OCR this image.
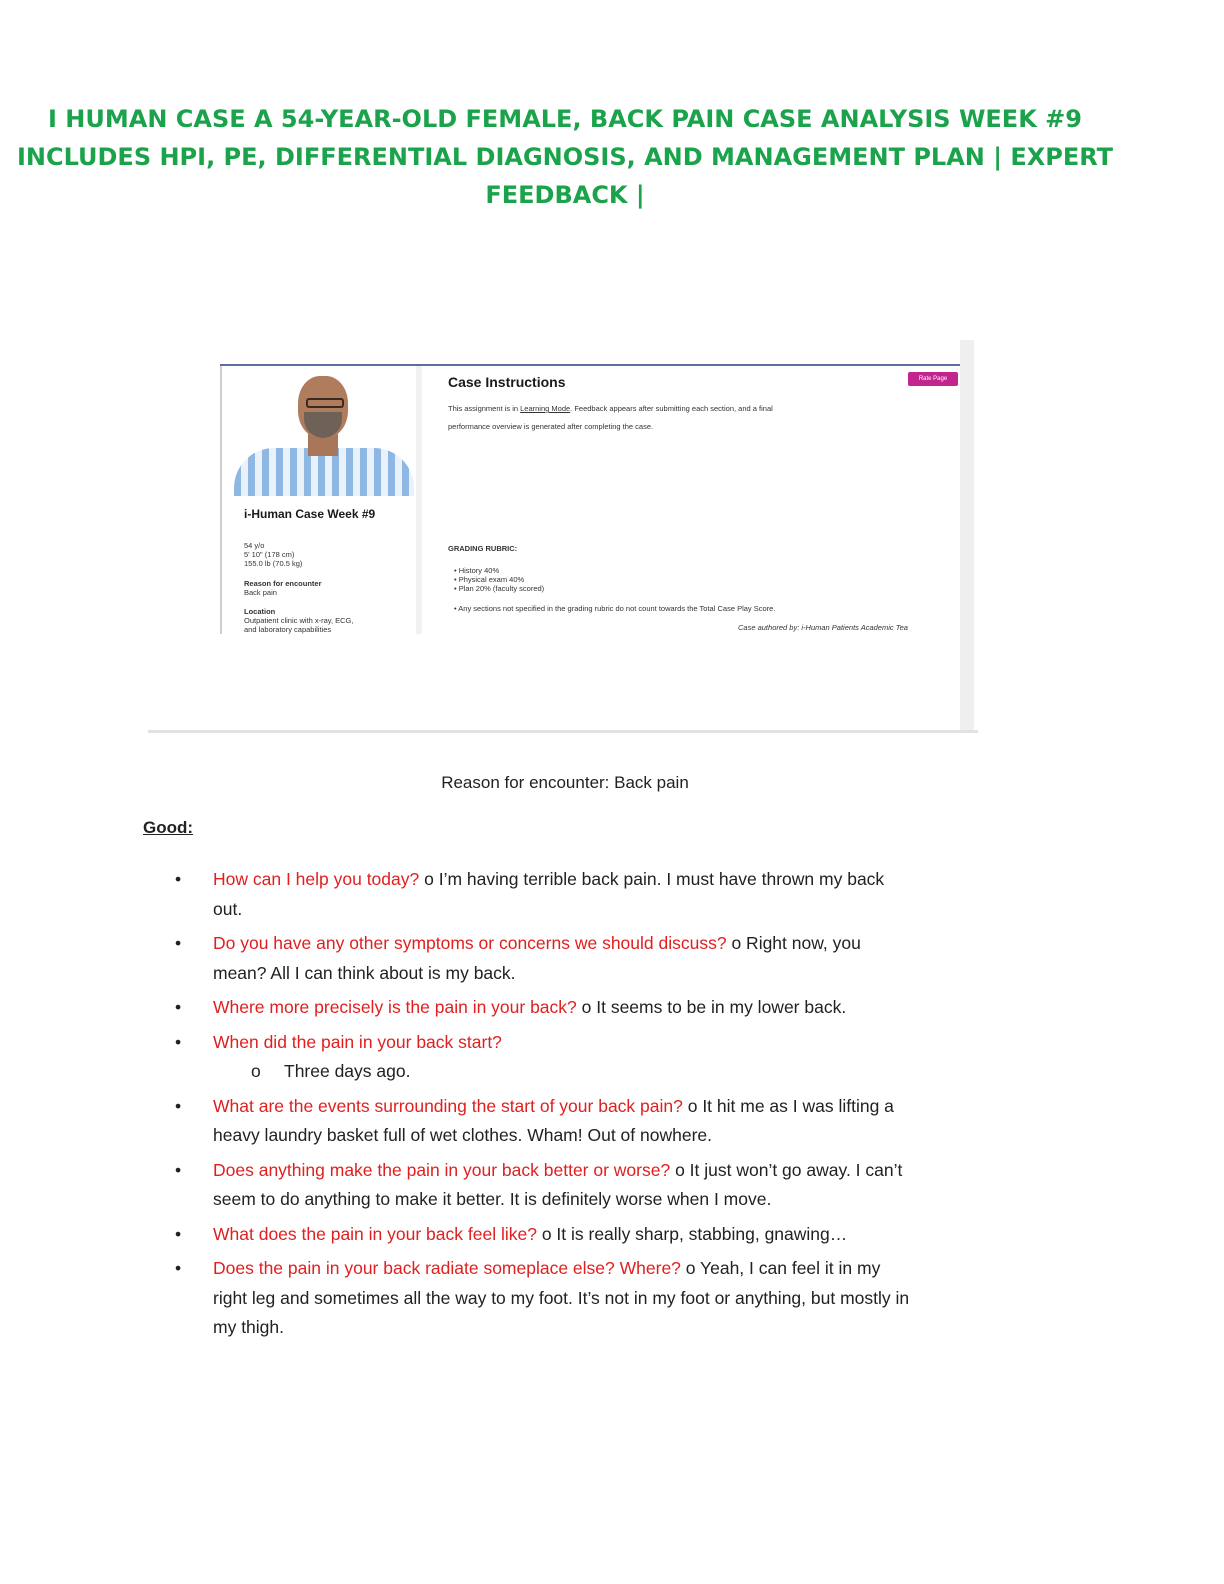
I HUMAN CASE A 54-YEAR-OLD FEMALE, BACK PAIN CASE ANALYSIS WEEK #9
INCLUDES HPI, PE, DIFFERENTIAL DIAGNOSIS, AND MANAGEMENT PLAN | EXPERT
FEEDBACK |
i-Human Case Week #9
54 y/o
5' 10" (178 cm)
155.0 lb (70.5 kg)
Reason for encounter
Back pain
Location
Outpatient clinic with x-ray, ECG,
and laboratory capabilities
Case Instructions	Rate Page
This assignment is in Learning Mode. Feedback appears after submitting each section, and a final
performance overview is generated after completing the case.
GRADING RUBRIC:
• History 40%
• Physical exam 40%
• Plan 20% (faculty scored)
• Any sections not specified in the grading rubric do not count towards the Total Case Play Score.
Case authored by: i-Human Patients Academic Tea
Reason for encounter: Back pain
Good:
• How can I help you today? o I’m having terrible back pain. I must have thrown my back out.
• Do you have any other symptoms or concerns we should discuss? o Right now, you mean? All I can think about is my back.
• Where more precisely is the pain in your back? o It seems to be in my lower back.
• When did the pain in your back start?
o Three days ago.
• What are the events surrounding the start of your back pain? o It hit me as I was lifting a heavy laundry basket full of wet clothes. Wham! Out of nowhere.
• Does anything make the pain in your back better or worse? o It just won’t go away. I can’t seem to do anything to make it better. It is definitely worse when I move.
• What does the pain in your back feel like? o It is really sharp, stabbing, gnawing…
• Does the pain in your back radiate someplace else? Where? o Yeah, I can feel it in my right leg and sometimes all the way to my foot. It’s not in my foot or anything, but mostly in my thigh.
